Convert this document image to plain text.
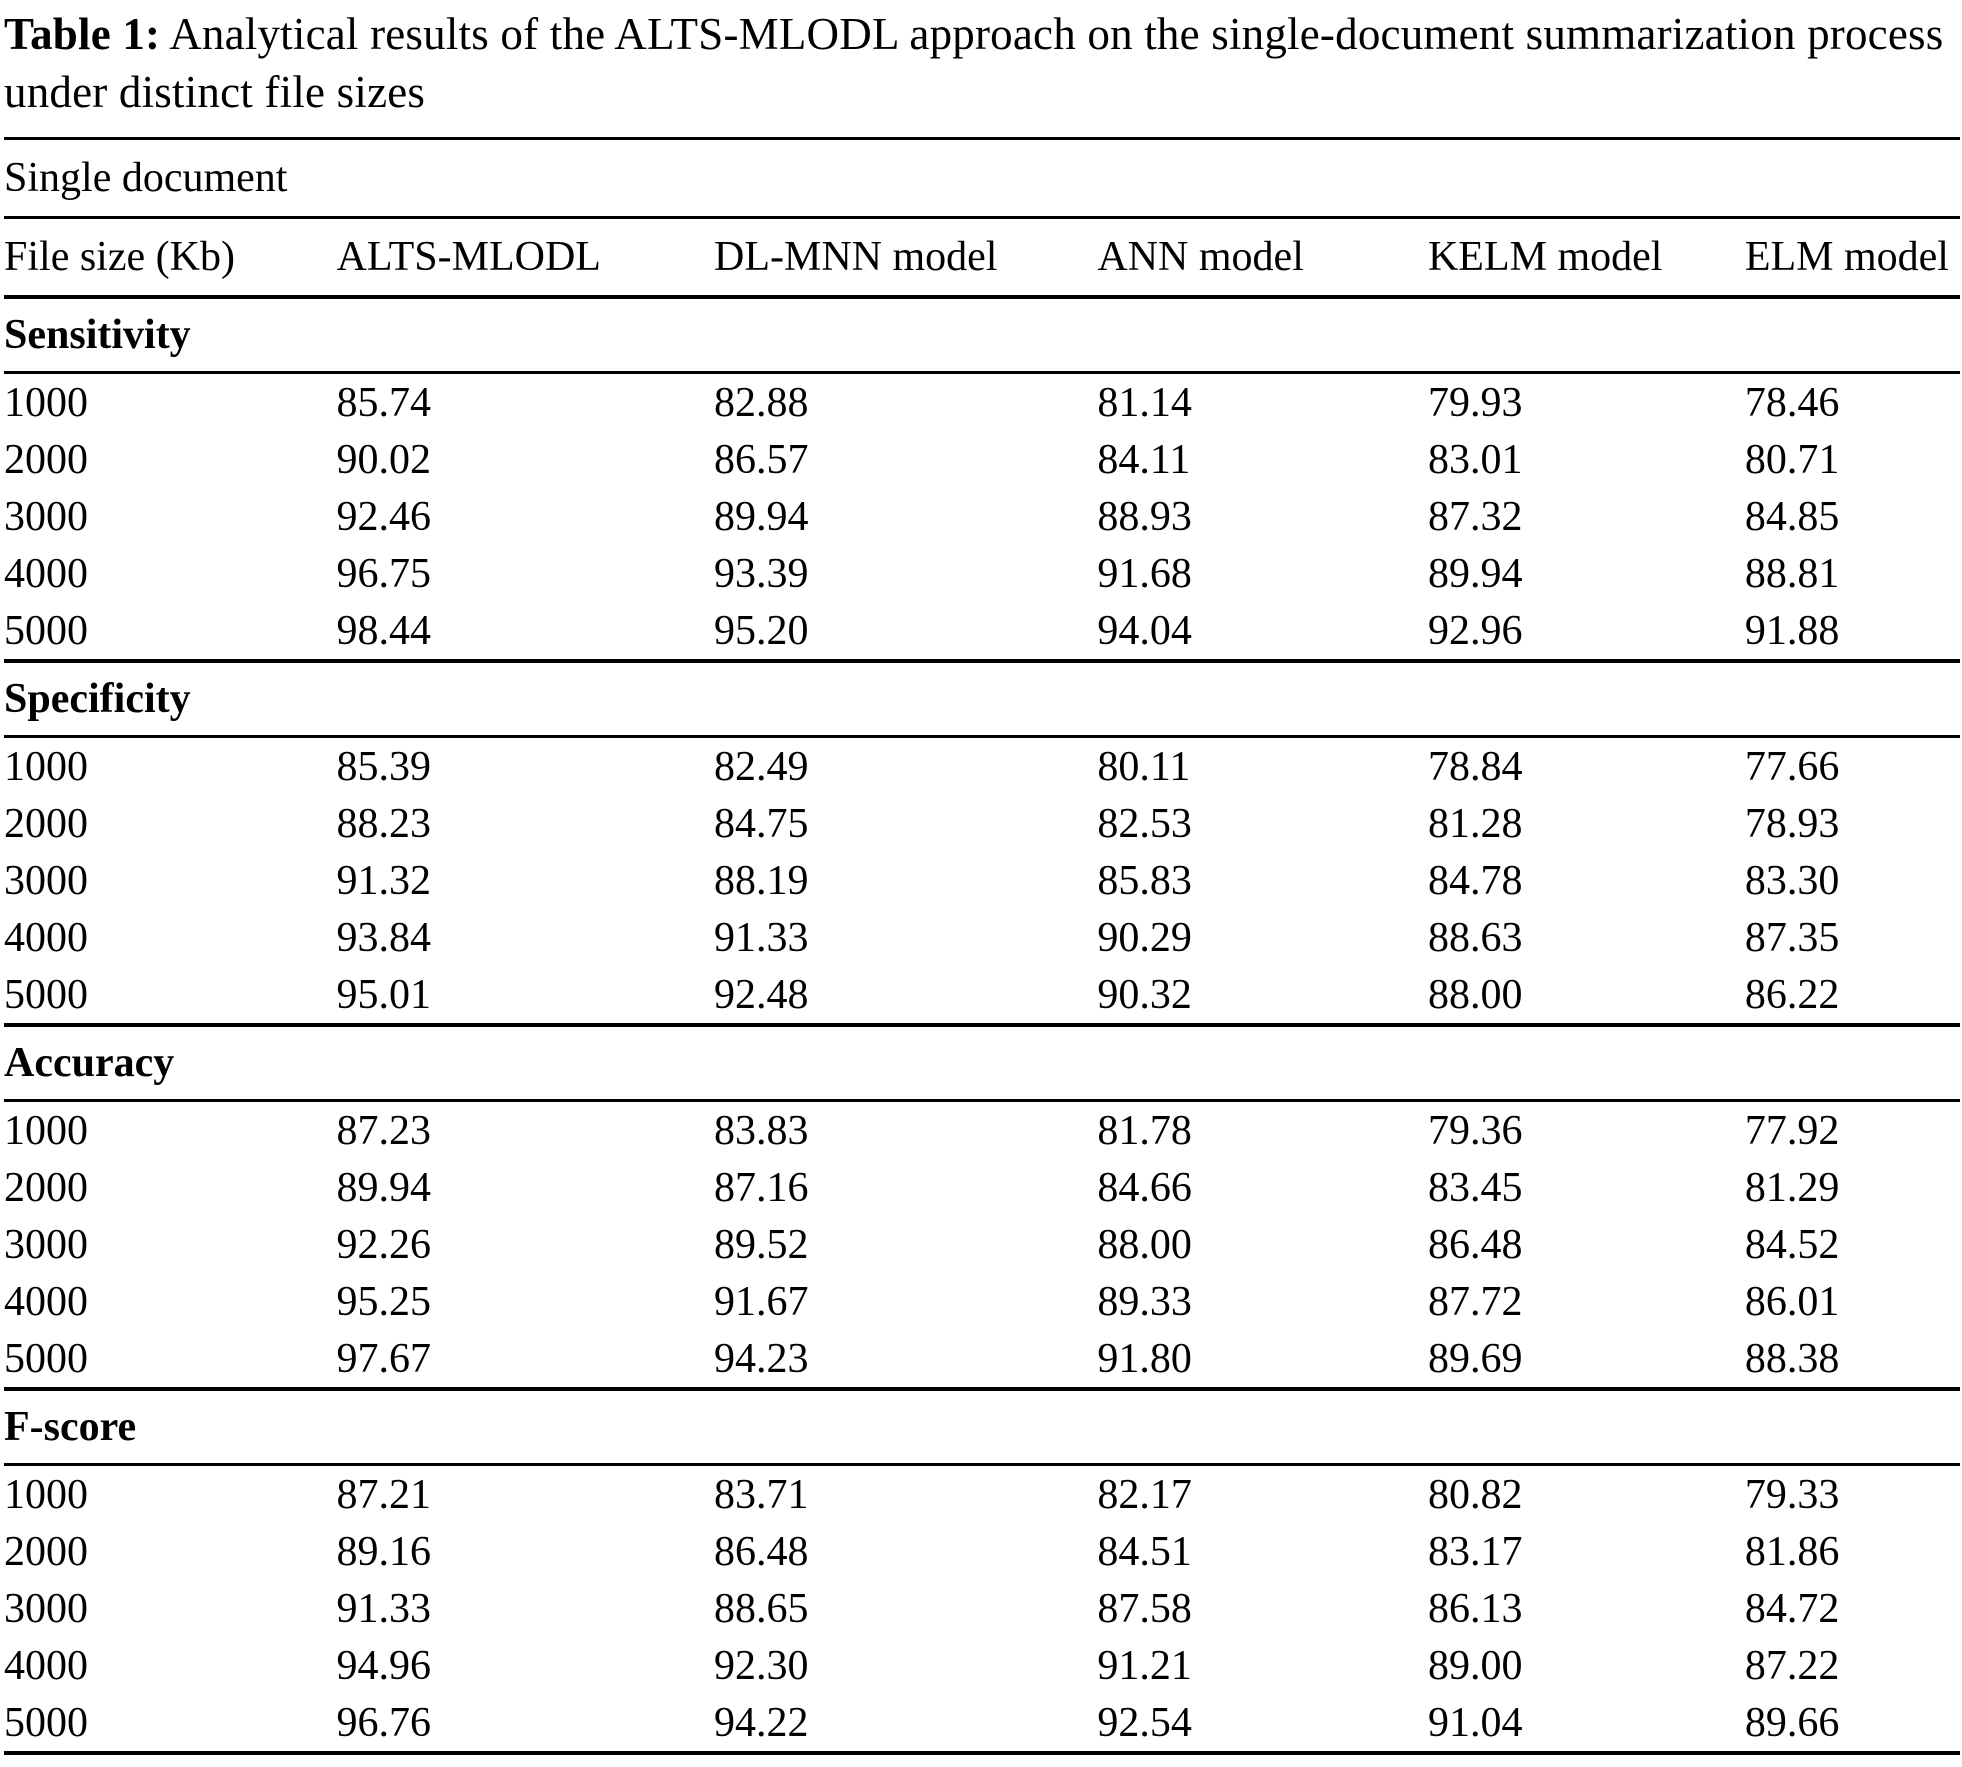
Table 1: Analytical results of the ALTS-MLODL approach on the single-document summarization process under distinct file sizes

Single document					
File size (Kb)	ALTS-MLODL	DL-MNN model	ANN model	KELM model	ELM model
Sensitivity					
1000	85.74	82.88	81.14	79.93	78.46
2000	90.02	86.57	84.11	83.01	80.71
3000	92.46	89.94	88.93	87.32	84.85
4000	96.75	93.39	91.68	89.94	88.81
5000	98.44	95.20	94.04	92.96	91.88
Specificity					
1000	85.39	82.49	80.11	78.84	77.66
2000	88.23	84.75	82.53	81.28	78.93
3000	91.32	88.19	85.83	84.78	83.30
4000	93.84	91.33	90.29	88.63	87.35
5000	95.01	92.48	90.32	88.00	86.22
Accuracy					
1000	87.23	83.83	81.78	79.36	77.92
2000	89.94	87.16	84.66	83.45	81.29
3000	92.26	89.52	88.00	86.48	84.52
4000	95.25	91.67	89.33	87.72	86.01
5000	97.67	94.23	91.80	89.69	88.38
F-score					
1000	87.21	83.71	82.17	80.82	79.33
2000	89.16	86.48	84.51	83.17	81.86
3000	91.33	88.65	87.58	86.13	84.72
4000	94.96	92.30	91.21	89.00	87.22
5000	96.76	94.22	92.54	91.04	89.66
